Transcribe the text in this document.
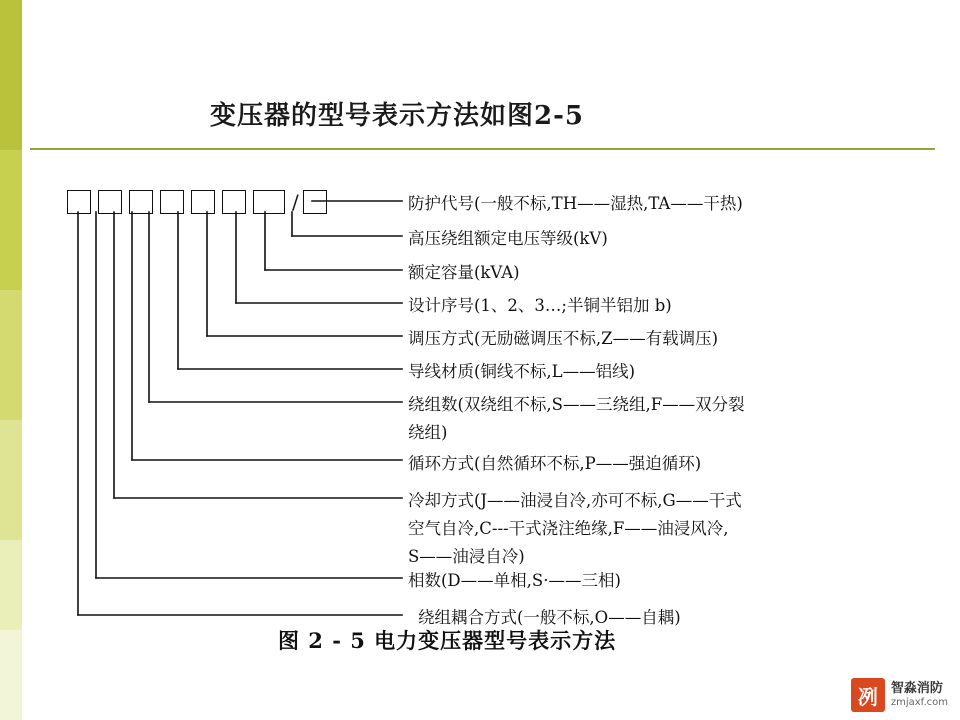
变压器的型号表示方法如图2-5
/	防护代号(一般不标,TH——湿热,TA——干热)
高压绕组额定电压等级(kV)
额定容量(kVA)
设计序号(1、2、3…;半铜半铝加 b)
调压方式(无励磁调压不标,Z——有载调压)
导线材质(铜线不标,L——铝线)
绕组数(双绕组不标,S——三绕组,F——双分裂
绕组)
循环方式(自然循环不标,P——强迫循环)
冷却方式(J——油浸自冷,亦可不标,G——干式
空气自冷,C---干式浇注绝缘,F——油浸风冷,
S——油浸自冷)
相数(D——单相,S·——三相)
绕组耦合方式(一般不标,O——自耦)
图 2 - 5 电力变压器型号表示方法
冽	智淼消防
zmjaxf.com
